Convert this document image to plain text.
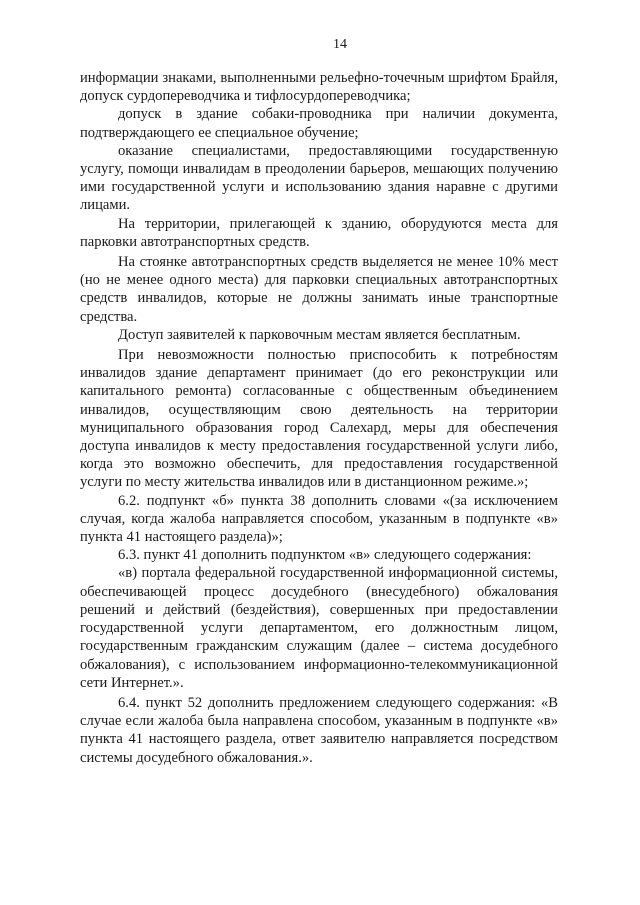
14

информации знаками, выполненными рельефно-точечным шрифтом Брайля, допуск сурдопереводчика и тифлосурдопереводчика;

допуск в здание собаки-проводника при наличии документа, подтверждающего ее специальное обучение;

оказание специалистами, предоставляющими государственную услугу, помощи инвалидам в преодолении барьеров, мешающих получению ими государственной услуги и использованию здания наравне с другими лицами.

На территории, прилегающей к зданию, оборудуются места для парковки автотранспортных средств.

На стоянке автотранспортных средств выделяется не менее 10% мест (но не менее одного места) для парковки специальных автотранспортных средств инвалидов, которые не должны занимать иные транспортные средства.

Доступ заявителей к парковочным местам является бесплатным.

При невозможности полностью приспособить к потребностям инвалидов здание департамент принимает (до его реконструкции или капитального ремонта) согласованные с общественным объединением инвалидов, осуществляющим свою деятельность на территории муниципального образования город Салехард, меры для обеспечения доступа инвалидов к месту предоставления государственной услуги либо, когда это возможно обеспечить, для предоставления государственной услуги по месту жительства инвалидов или в дистанционном режиме.»;

6.2. подпункт «б» пункта 38 дополнить словами «(за исключением случая, когда жалоба направляется способом, указанным в подпункте «в» пункта 41 настоящего раздела)»;

6.3. пункт 41 дополнить подпунктом «в» следующего содержания:

«в) портала федеральной государственной информационной системы, обеспечивающей процесс досудебного (внесудебного) обжалования решений и действий (бездействия), совершенных при предоставлении государственной услуги департаментом, его должностным лицом, государственным гражданским служащим (далее – система досудебного обжалования), с использованием информационно-телекоммуникационной сети Интернет.».

6.4. пункт 52 дополнить предложением следующего содержания: «В случае если жалоба была направлена способом, указанным в подпункте «в» пункта 41 настоящего раздела, ответ заявителю направляется посредством системы досудебного обжалования.».
